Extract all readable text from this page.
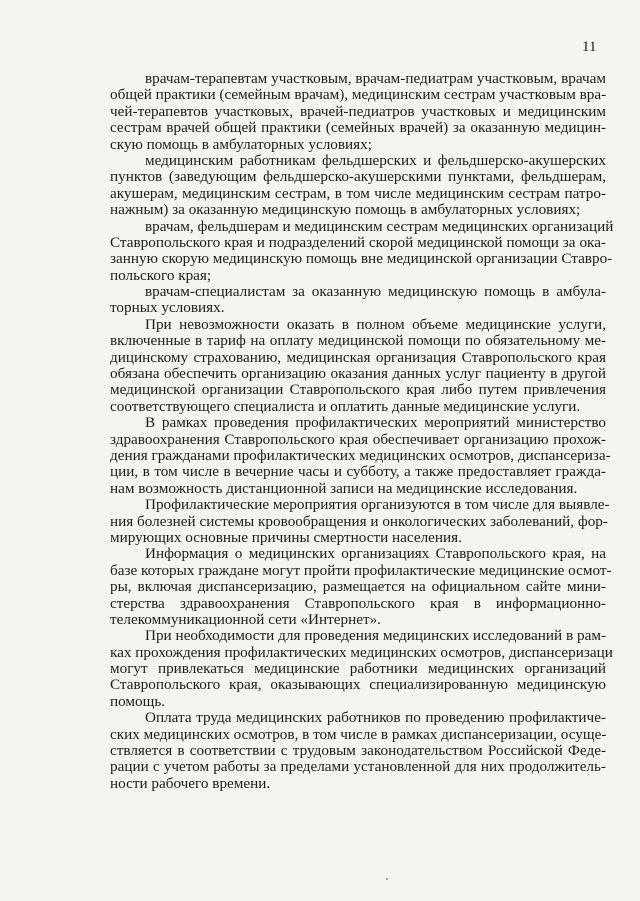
11
врачам-терапевтам участковым, врачам-педиатрам участковым, врачам
общей практики (семейным врачам), медицинским сестрам участковым вра-
чей-терапевтов участковых, врачей-педиатров участковых и медицинским
сестрам врачей общей практики (семейных врачей) за оказанную медицин-
скую помощь в амбулаторных условиях;
медицинским работникам фельдшерских и фельдшерско-акушерских
пунктов (заведующим фельдшерско-акушерскими пунктами, фельдшерам,
акушерам, медицинским сестрам, в том числе медицинским сестрам патро-
нажным) за оказанную медицинскую помощь в амбулаторных условиях;
врачам, фельдшерам и медицинским сестрам медицинских организаций
Ставропольского края и подразделений скорой медицинской помощи за ока-
занную скорую медицинскую помощь вне медицинской организации Ставро-
польского края;
врачам-специалистам за оказанную медицинскую помощь в амбула-
торных условиях.
При невозможности оказать в полном объеме медицинские услуги,
включенные в тариф на оплату медицинской помощи по обязательному ме-
дицинскому страхованию, медицинская организация Ставропольского края
обязана обеспечить организацию оказания данных услуг пациенту в другой
медицинской организации Ставропольского края либо путем привлечения
соответствующего специалиста и оплатить данные медицинские услуги.
В рамках проведения профилактических мероприятий министерство
здравоохранения Ставропольского края обеспечивает организацию прохож-
дения гражданами профилактических медицинских осмотров, диспансериза-
ции, в том числе в вечерние часы и субботу, а также предоставляет гражда-
нам возможность дистанционной записи на медицинские исследования.
Профилактические мероприятия организуются в том числе для выявле-
ния болезней системы кровообращения и онкологических заболеваний, фор-
мирующих основные причины смертности населения.
Информация о медицинских организациях Ставропольского края, на
базе которых граждане могут пройти профилактические медицинские осмот-
ры, включая диспансеризацию, размещается на официальном сайте мини-
стерства здравоохранения Ставропольского края в информационно-
телекоммуникационной сети «Интернет».
При необходимости для проведения медицинских исследований в рам-
ках прохождения профилактических медицинских осмотров, диспансеризаци
могут привлекаться медицинские работники медицинских организаций
Ставропольского края, оказывающих специализированную медицинскую
помощь.
Оплата труда медицинских работников по проведению профилактиче-
ских медицинских осмотров, в том числе в рамках диспансеризации, осуще-
ствляется в соответствии с трудовым законодательством Российской Феде-
рации с учетом работы за пределами установленной для них продолжитель-
ности рабочего времени.
